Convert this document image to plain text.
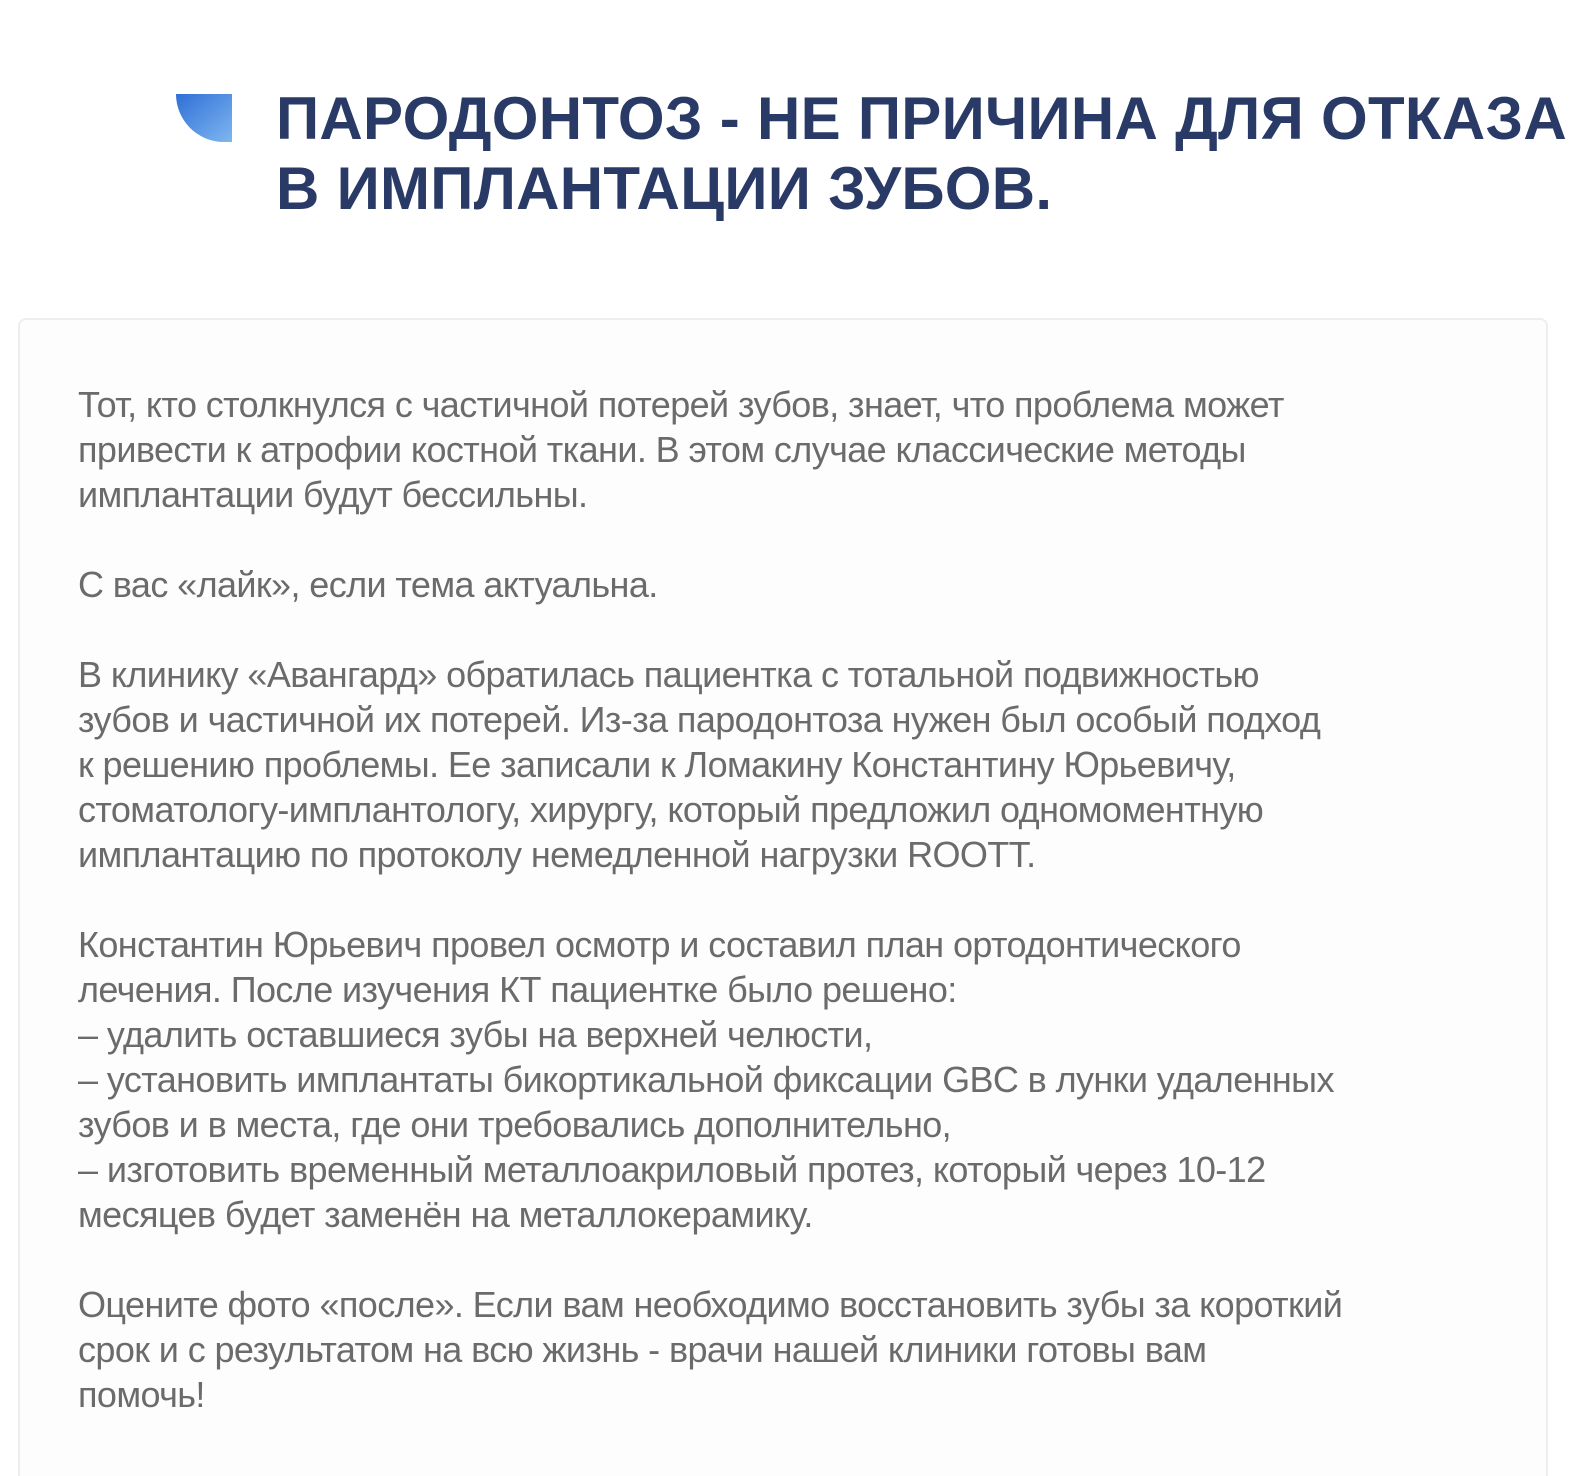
ПАРОДОНТОЗ - НЕ ПРИЧИНА ДЛЯ ОТКАЗА
В ИМПЛАНТАЦИИ ЗУБОВ.

Тот, кто столкнулся с частичной потерей зубов, знает, что проблема может
привести к атрофии костной ткани. В этом случае классические методы
имплантации будут бессильны.

С вас «лайк», если тема актуальна.

В клинику «Авангард» обратилась пациентка с тотальной подвижностью
зубов и частичной их потерей. Из-за пародонтоза нужен был особый подход
к решению проблемы. Ее записали к Ломакину Константину Юрьевичу,
стоматологу-имплантологу, хирургу, который предложил одномоментную
имплантацию по протоколу немедленной нагрузки ROOTT.

Константин Юрьевич провел осмотр и составил план ортодонтического
лечения. После изучения КТ пациентке было решено:
– удалить оставшиеся зубы на верхней челюсти,
– установить имплантаты бикортикальной фиксации GBC в лунки удаленных
зубов и в места, где они требовались дополнительно,
– изготовить временный металлоакриловый протез, который через 10-12
месяцев будет заменён на металлокерамику.

Оцените фото «после». Если вам необходимо восстановить зубы за короткий
срок и с результатом на всю жизнь - врачи нашей клиники готовы вам
помочь!
